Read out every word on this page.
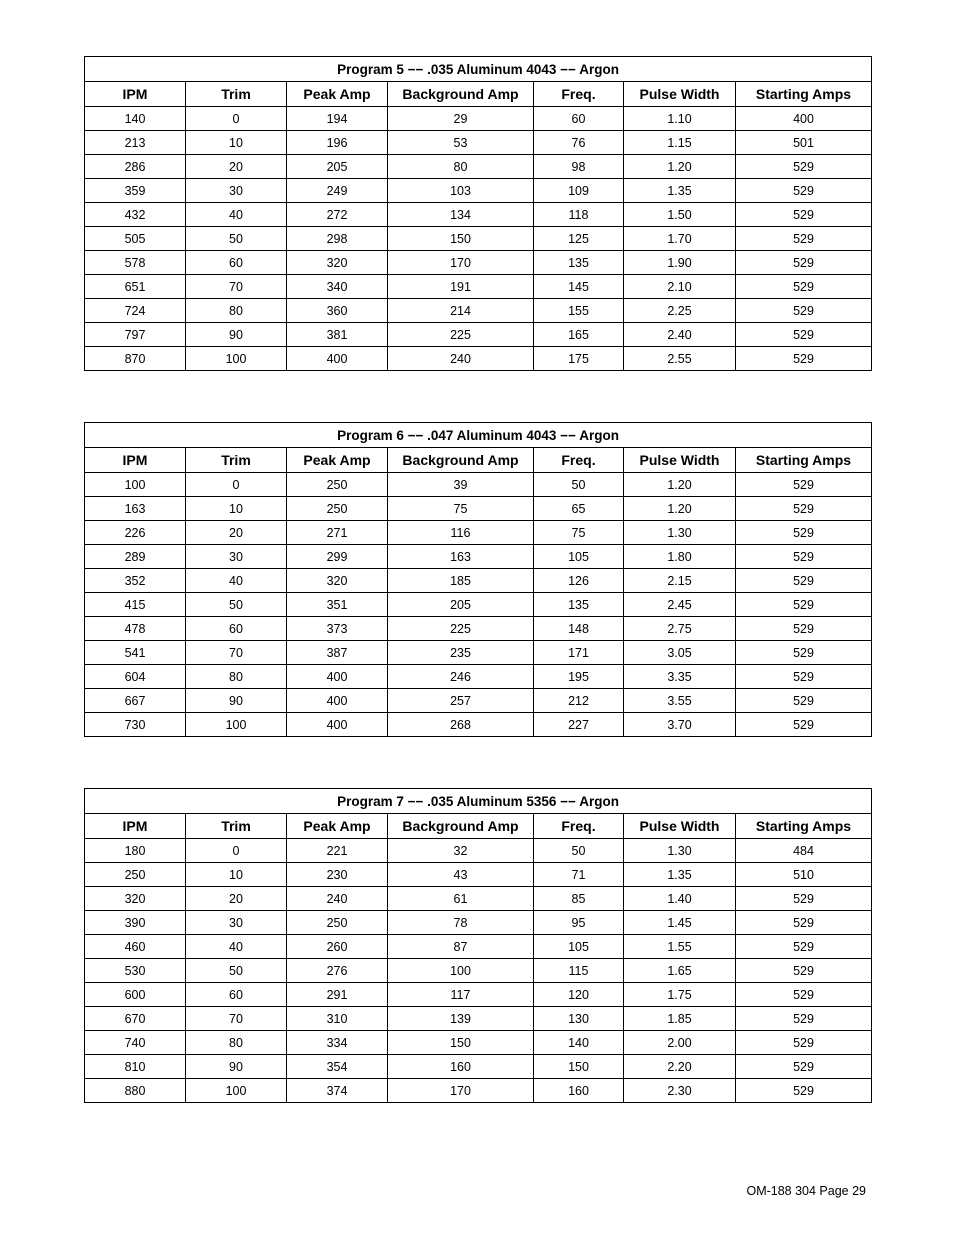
Program 5 −− .035 Aluminum 4043 −− Argon						
IPM	Trim	Peak Amp	Background Amp	Freq.	Pulse Width	Starting Amps
140	0	194	29	60	1.10	400
213	10	196	53	76	1.15	501
286	20	205	80	98	1.20	529
359	30	249	103	109	1.35	529
432	40	272	134	118	1.50	529
505	50	298	150	125	1.70	529
578	60	320	170	135	1.90	529
651	70	340	191	145	2.10	529
724	80	360	214	155	2.25	529
797	90	381	225	165	2.40	529
870	100	400	240	175	2.55	529
Program 6 −− .047 Aluminum 4043 −− Argon						
IPM	Trim	Peak Amp	Background Amp	Freq.	Pulse Width	Starting Amps
100	0	250	39	50	1.20	529
163	10	250	75	65	1.20	529
226	20	271	116	75	1.30	529
289	30	299	163	105	1.80	529
352	40	320	185	126	2.15	529
415	50	351	205	135	2.45	529
478	60	373	225	148	2.75	529
541	70	387	235	171	3.05	529
604	80	400	246	195	3.35	529
667	90	400	257	212	3.55	529
730	100	400	268	227	3.70	529
Program 7 −− .035 Aluminum 5356 −− Argon						
IPM	Trim	Peak Amp	Background Amp	Freq.	Pulse Width	Starting Amps
180	0	221	32	50	1.30	484
250	10	230	43	71	1.35	510
320	20	240	61	85	1.40	529
390	30	250	78	95	1.45	529
460	40	260	87	105	1.55	529
530	50	276	100	115	1.65	529
600	60	291	117	120	1.75	529
670	70	310	139	130	1.85	529
740	80	334	150	140	2.00	529
810	90	354	160	150	2.20	529
880	100	374	170	160	2.30	529
OM-188 304 Page 29
